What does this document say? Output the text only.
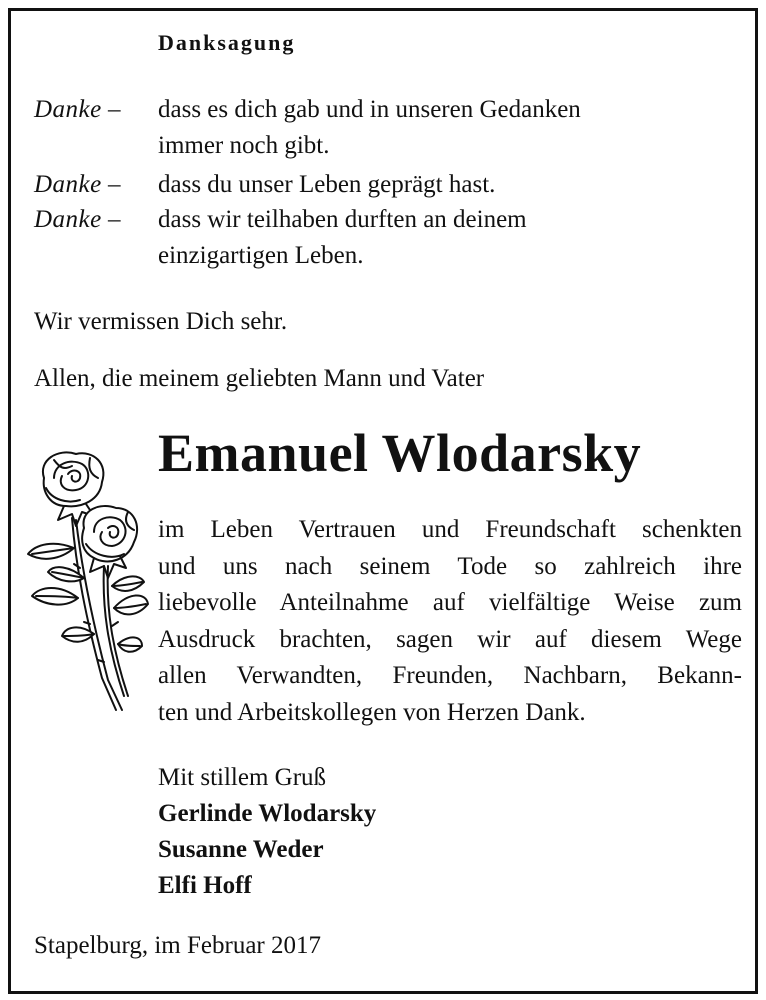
Danksagung
Danke – dass es dich gab und in unseren Gedanken
immer noch gibt.
Danke – dass du unser Leben geprägt hast.
Danke – dass wir teilhaben durften an deinem
einzigartigen Leben.
Wir vermissen Dich sehr.
Allen, die meinem geliebten Mann und Vater
Emanuel Wlodarsky

im Leben Vertrauen und Freundschaft schenkten

und uns nach seinem Tode so zahlreich ihre

liebevolle Anteilnahme auf vielfältige Weise zum

Ausdruck brachten, sagen wir auf diesem Wege

allen Verwandten, Freunden, Nachbarn, Bekann-

ten und Arbeitskollegen von Herzen Dank.

Mit stillem Gruß
Gerlinde Wlodarsky
Susanne Weder
Elfi Hoff
Stapelburg, im Februar 2017
